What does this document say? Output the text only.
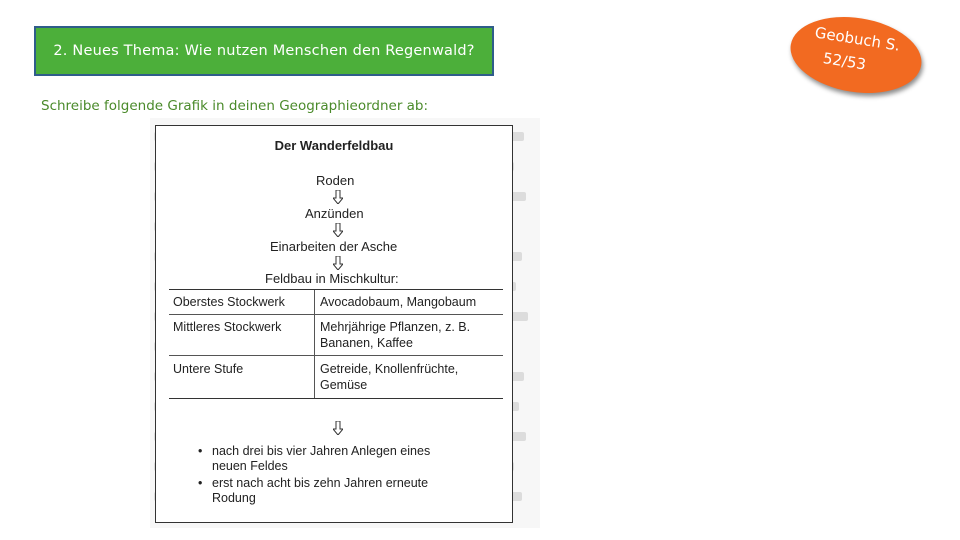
2. Neues Thema: Wie nutzen Menschen den Regenwald?
Schreibe folgende Grafik in deinen Geographieordner ab:
Geobuch S.
52/53
Der Wanderfeldbau
Roden
Anzünden
Einarbeiten der Asche
Feldbau in Mischkultur:
Oberstes Stockwerk	Avocadobaum, Mangobaum
Mittleres Stockwerk	Mehrjährige Pflanzen, z. B. Bananen, Kaffee
Untere Stufe	Getreide, Knollenfrüchte, Gemüse
• nach drei bis vier Jahren Anlegen eines neuen Feldes
• erst nach acht bis zehn Jahren erneute Rodung
